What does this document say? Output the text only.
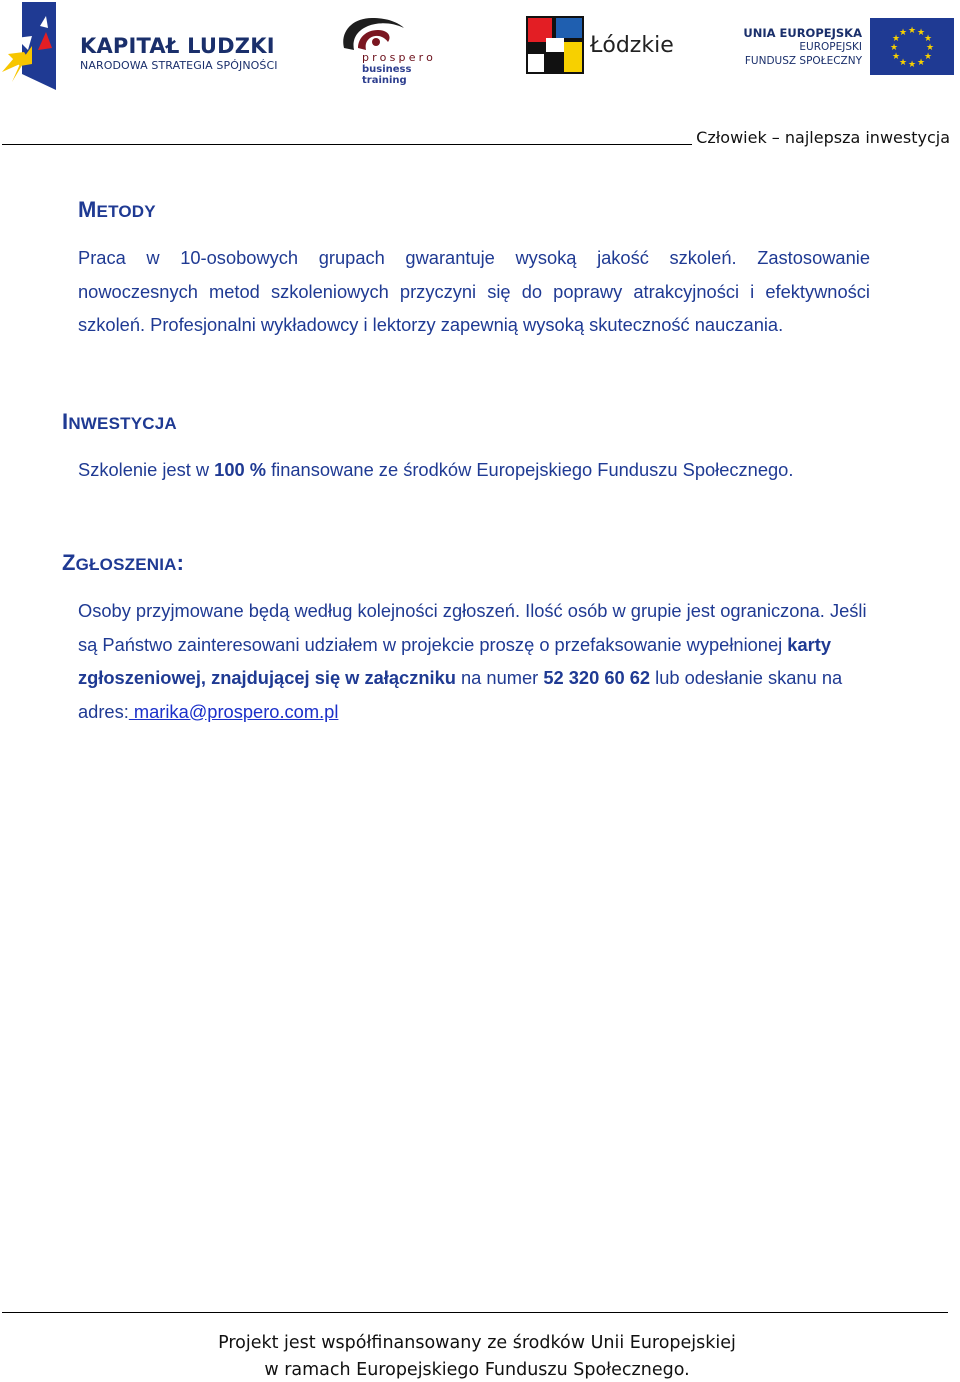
KAPITAŁ LUDZKI
NARODOWA STRATEGIA SPÓJNOŚCI
prospero
business training
Łódzkie	UNIA EUROPEJSKA
EUROPEJSKI
FUNDUSZ SPOŁECZNY
★ ★
★
★
★
★
★
★
★
★
★
★
Człowiek – najlepsza inwestycja
METODY
Praca w 10-osobowych grupach gwarantuje wysoką jakość szkoleń. Zastosowanie nowoczesnych metod szkoleniowych przyczyni się do poprawy atrakcyjności i efektywności szkoleń. Profesjonalni wykładowcy i lektorzy zapewnią wysoką skuteczność nauczania.
INWESTYCJA
Szkolenie jest w 100 % finansowane ze środków Europejskiego Funduszu Społecznego.
ZGŁOSZENIA:
Osoby przyjmowane będą według kolejności zgłoszeń. Ilość osób w grupie jest ograniczona. Jeśli są Państwo zainteresowani udziałem w projekcie proszę o przefaksowanie wypełnionej karty zgłoszeniowej, znajdującej się w załączniku na numer 52 320 60 62 lub odesłanie skanu na adres: marika@prospero.com.pl
Projekt jest współfinansowany ze środków Unii Europejskiej
w ramach Europejskiego Funduszu Społecznego.
